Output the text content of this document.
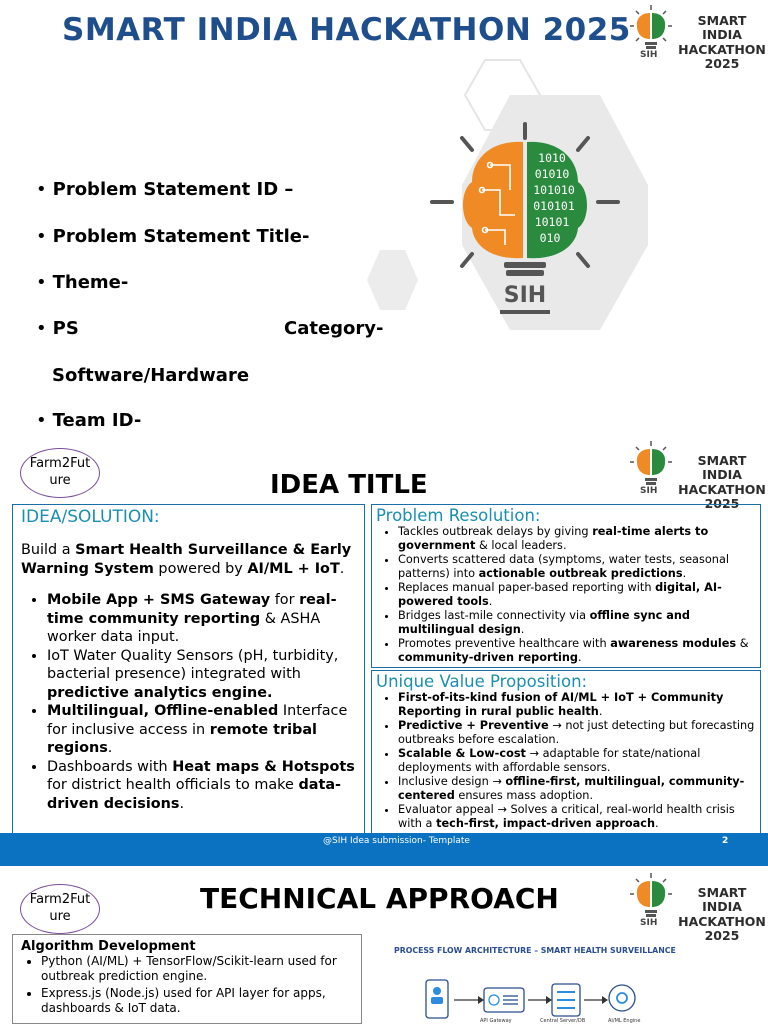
SMART INDIA HACKATHON 2025
SIH
SMART INDIA
HACKATHON
2025
1010
01010
101010
010101
10101
010
SIH
• Problem Statement ID –
• Problem Statement Title-
• Theme-
• PS	Category-
Software/Hardware
• Team ID-
Farm2Future	IDEA TITLE	SIH
SMART INDIA
HACKATHON
2025
IDEA/SOLUTION:
Build a Smart Health Surveillance & Early Warning System powered by AI/ML + IoT.
• Mobile App + SMS Gateway for real-time community reporting & ASHA worker data input.
• IoT Water Quality Sensors (pH, turbidity, bacterial presence) integrated with predictive analytics engine.
• Multilingual, Offline-enabled Interface for inclusive access in remote tribal regions.
• Dashboards with Heat maps & Hotspots for district health officials to make data-driven decisions.
Problem Resolution:
• Tackles outbreak delays by giving real-time alerts to government & local leaders.
• Converts scattered data (symptoms, water tests, seasonal patterns) into actionable outbreak predictions.
• Replaces manual paper-based reporting with digital, AI-powered tools.
• Bridges last-mile connectivity via offline sync and multilingual design.
• Promotes preventive healthcare with awareness modules & community-driven reporting.
Unique Value Proposition:
• First-of-its-kind fusion of AI/ML + IoT + Community Reporting in rural public health.
• Predictive + Preventive → not just detecting but forecasting outbreaks before escalation.
• Scalable & Low-cost → adaptable for state/national deployments with affordable sensors.
• Inclusive design → offline-first, multilingual, community-centered ensures mass adoption.
• Evaluator appeal → Solves a critical, real-world health crisis with a tech-first, impact-driven approach.
@SIH Idea submission- Template	2
Farm2Future
TECHNICAL APPROACH
SIH
SMART INDIA
HACKATHON
2025
Algorithm Development
• Python (AI/ML) + TensorFlow/Scikit-learn used for outbreak prediction engine.
• Express.js (Node.js) used for API layer for apps, dashboards & IoT data.
PROCESS FLOW ARCHITECTURE – SMART HEALTH SURVEILLANCE
API Gateway	Central Server/DB	AI/ML Engine
